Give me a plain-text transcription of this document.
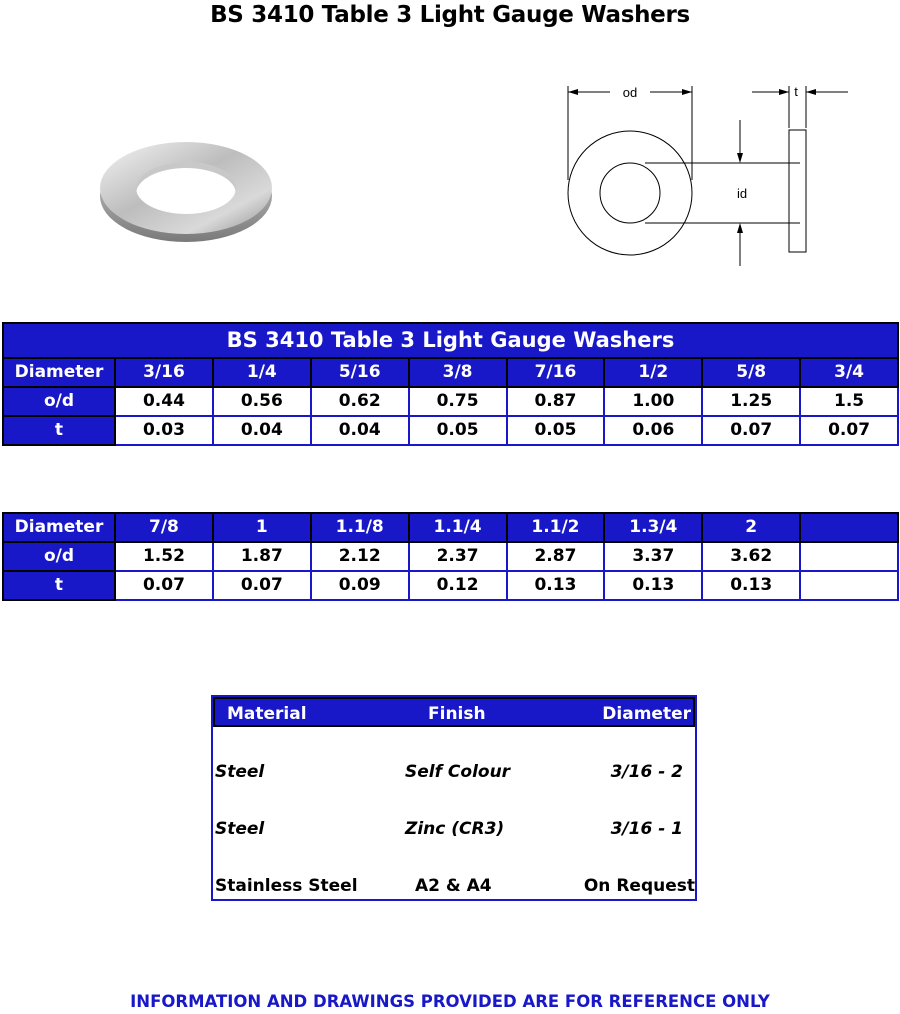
BS 3410 Table 3 Light Gauge Washers
od
id
t
BS 3410 Table 3 Light Gauge Washers								
Diameter	3/16	1/4	5/16	3/8	7/16	1/2	5/8	3/4
o/d	0.44	0.56	0.62	0.75	0.87	1.00	1.25	1.5
t	0.03	0.04	0.04	0.05	0.05	0.06	0.07	0.07
Diameter	7/8	1	1.1/8	1.1/4	1.1/2	1.3/4	2	
o/d	1.52	1.87	2.12	2.37	2.87	3.37	3.62	
t	0.07	0.07	0.09	0.12	0.13	0.13	0.13	
Material	Finish	Diameter
Steel	Self Colour	3/16 - 2
Steel	Zinc (CR3)	3/16 - 1
Stainless Steel	A2 & A4	On Request
INFORMATION AND DRAWINGS PROVIDED ARE FOR REFERENCE ONLY
